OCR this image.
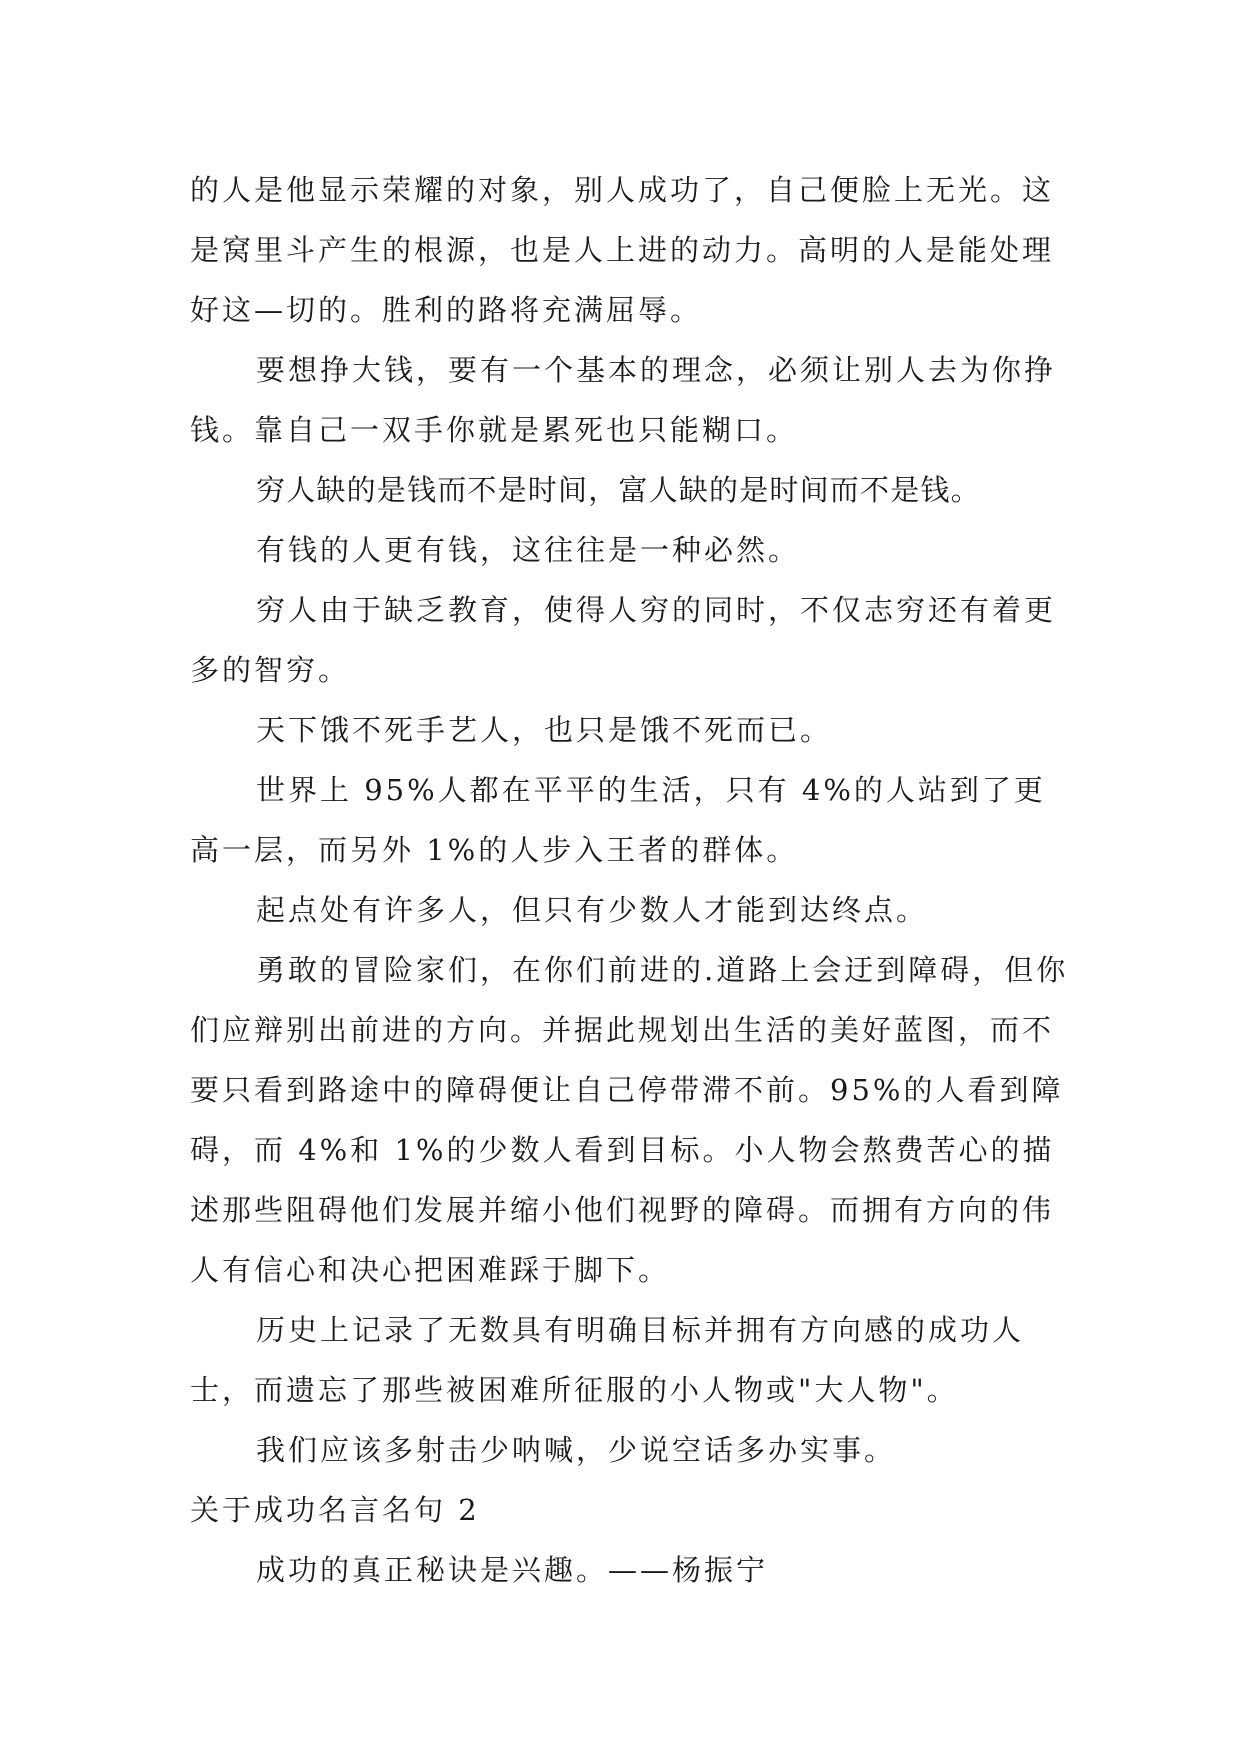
的人是他显示荣耀的对象，别人成功了，自己便脸上无光。这是窝里斗产生的根源，也是人上进的动力。高明的人是能处理好这—切的。胜利的路将充满屈辱。

要想挣大钱，要有一个基本的理念，必须让别人去为你挣钱。靠自己一双手你就是累死也只能糊口。

穷人缺的是钱而不是时间，富人缺的是时间而不是钱。

有钱的人更有钱，这往往是一种必然。

穷人由于缺乏教育，使得人穷的同时，不仅志穷还有着更多的智穷。

天下饿不死手艺人，也只是饿不死而已。

世界上 95%人都在平平的生活，只有 4%的人站到了更高一层，而另外 1%的人步入王者的群体。

起点处有许多人，但只有少数人才能到达终点。

勇敢的冒险家们，在你们前进的.道路上会迂到障碍，但你们应辩别出前进的方向。并据此规划出生活的美好蓝图，而不要只看到路途中的障碍便让自己停带滞不前。95%的人看到障碍，而 4%和 1%的少数人看到目标。小人物会熬费苦心的描述那些阻碍他们发展并缩小他们视野的障碍。而拥有方向的伟人有信心和决心把困难踩于脚下。

历史上记录了无数具有明确目标并拥有方向感的成功人士，而遗忘了那些被困难所征服的小人物或"大人物"。

我们应该多射击少呐喊，少说空话多办实事。

关于成功名言名句 2

成功的真正秘诀是兴趣。——杨振宁
